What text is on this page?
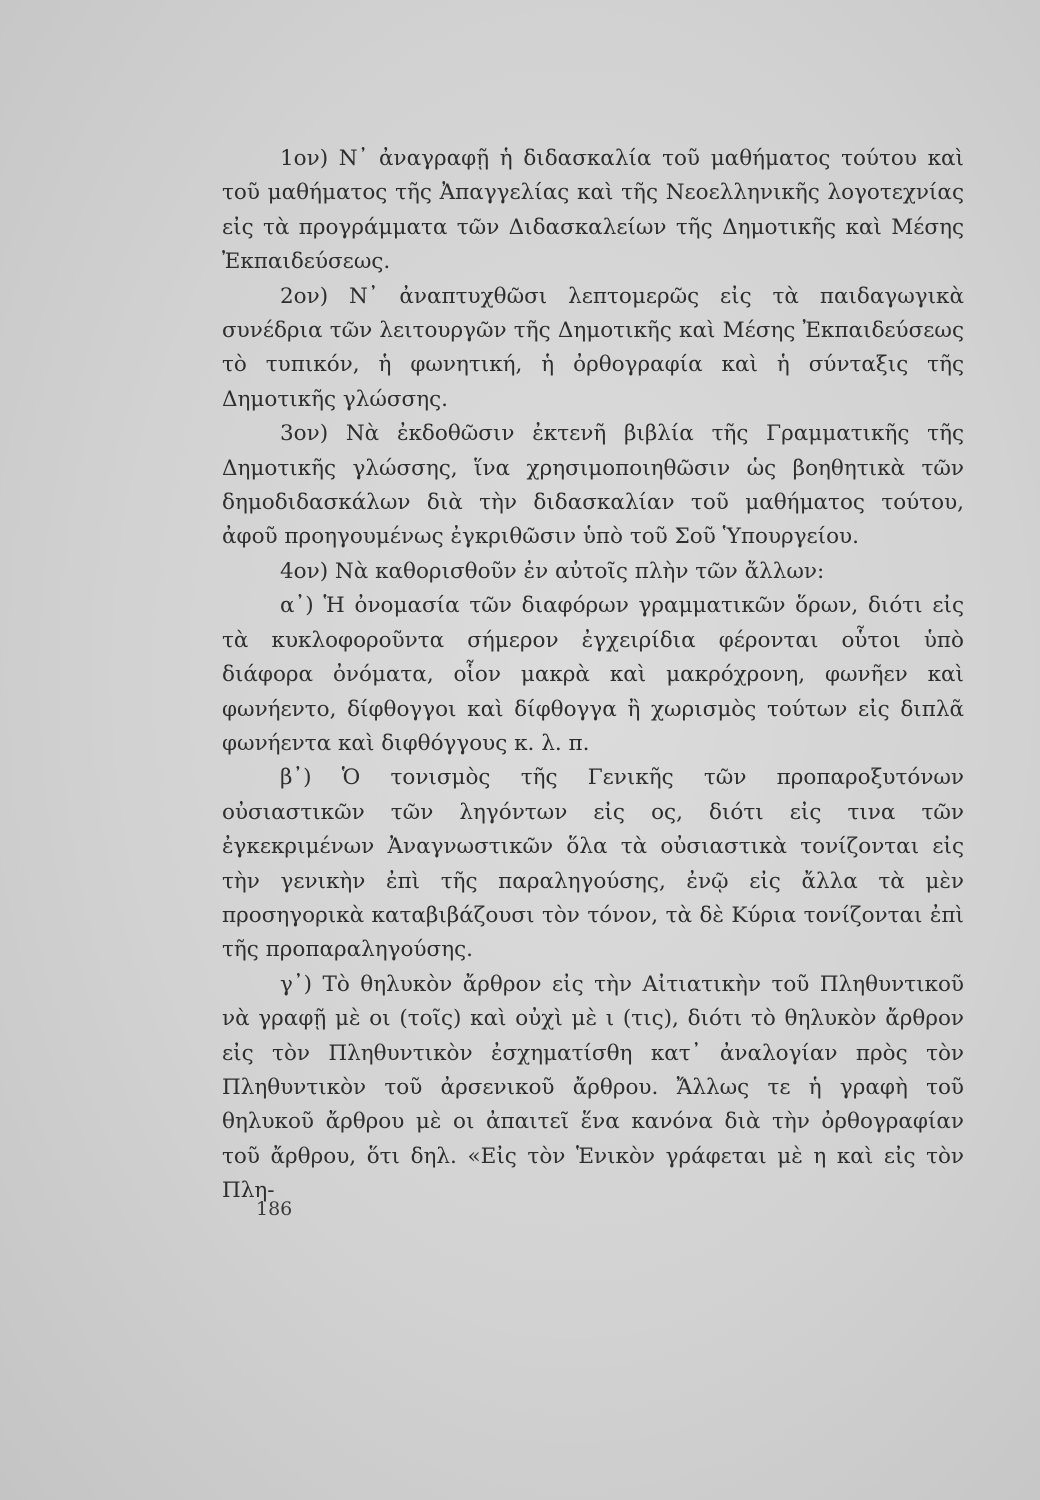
1ον) Ν᾽ ἀναγραφῇ ἡ διδασκαλία τοῦ μαθήματος τούτου καὶ τοῦ μαθήματος τῆς Ἀπαγγελίας καὶ τῆς Νεοελληνικῆς λογοτεχνίας εἰς τὰ προγράμματα τῶν Διδασκαλείων τῆς Δημοτικῆς καὶ Μέσης Ἐκπαιδεύσεως.

2ον) Ν᾽ ἀναπτυχθῶσι λεπτομερῶς εἰς τὰ παιδαγωγικὰ συνέδρια τῶν λειτουργῶν τῆς Δημοτικῆς καὶ Μέσης Ἐκπαιδεύσεως τὸ τυπικόν, ἡ φωνητική, ἡ ὀρθογραφία καὶ ἡ σύνταξις τῆς Δημοτικῆς γλώσσης.

3ον) Νὰ ἐκδοθῶσιν ἐκτενῆ βιβλία τῆς Γραμματικῆς τῆς Δημοτικῆς γλώσσης, ἵνα χρησιμοποιηθῶσιν ὡς βοηθητικὰ τῶν δημοδιδασκάλων διὰ τὴν διδασκαλίαν τοῦ μαθήματος τούτου, ἀφοῦ προηγουμένως ἐγκριθῶσιν ὑπὸ τοῦ Σοῦ Ὑπουργείου.

4ον) Νὰ καθορισθοῦν ἐν αὐτοῖς πλὴν τῶν ἄλλων:

α᾽) Ἡ ὀνομασία τῶν διαφόρων γραμματικῶν ὅρων, διότι εἰς τὰ κυκλοφοροῦντα σήμερον ἐγχειρίδια φέρονται οὗτοι ὑπὸ διάφορα ὀνόματα, οἷον μακρὰ καὶ μακρόχρονη, φωνῆεν καὶ φωνήεντο, δίφθογγοι καὶ δίφθογγα ἢ χωρισμὸς τούτων εἰς διπλᾶ φωνήεντα καὶ διφθόγγους κ. λ. π.

β᾽) Ὁ τονισμὸς τῆς Γενικῆς τῶν προπαροξυτόνων οὐσιαστικῶν τῶν ληγόντων εἰς ος, διότι εἰς τινα τῶν ἐγκεκριμένων Ἀναγνωστικῶν ὅλα τὰ οὐσιαστικὰ τονίζονται εἰς τὴν γενικὴν ἐπὶ τῆς παραληγούσης, ἐνῷ εἰς ἄλλα τὰ μὲν προσηγορικὰ καταβιβάζουσι τὸν τόνον, τὰ δὲ Κύρια τονίζονται ἐπὶ τῆς προπαραληγούσης.

γ᾽) Τὸ θηλυκὸν ἄρθρον εἰς τὴν Αἰτιατικὴν τοῦ Πληθυντικοῦ νὰ γραφῇ μὲ οι (τοῖς) καὶ οὐχὶ μὲ ι (τις), διότι τὸ θηλυκὸν ἄρθρον εἰς τὸν Πληθυντικὸν ἐσχηματίσθη κατ᾽ ἀναλογίαν πρὸς τὸν Πληθυντικὸν τοῦ ἀρσενικοῦ ἄρθρου. Ἄλλως τε ἡ γραφὴ τοῦ θηλυκοῦ ἄρθρου μὲ οι ἀπαιτεῖ ἕνα κανόνα διὰ τὴν ὀρθογραφίαν τοῦ ἄρθρου, ὅτι δηλ. «Εἰς τὸν Ἑνικὸν γράφεται μὲ η καὶ εἰς τὸν Πλη-

186
